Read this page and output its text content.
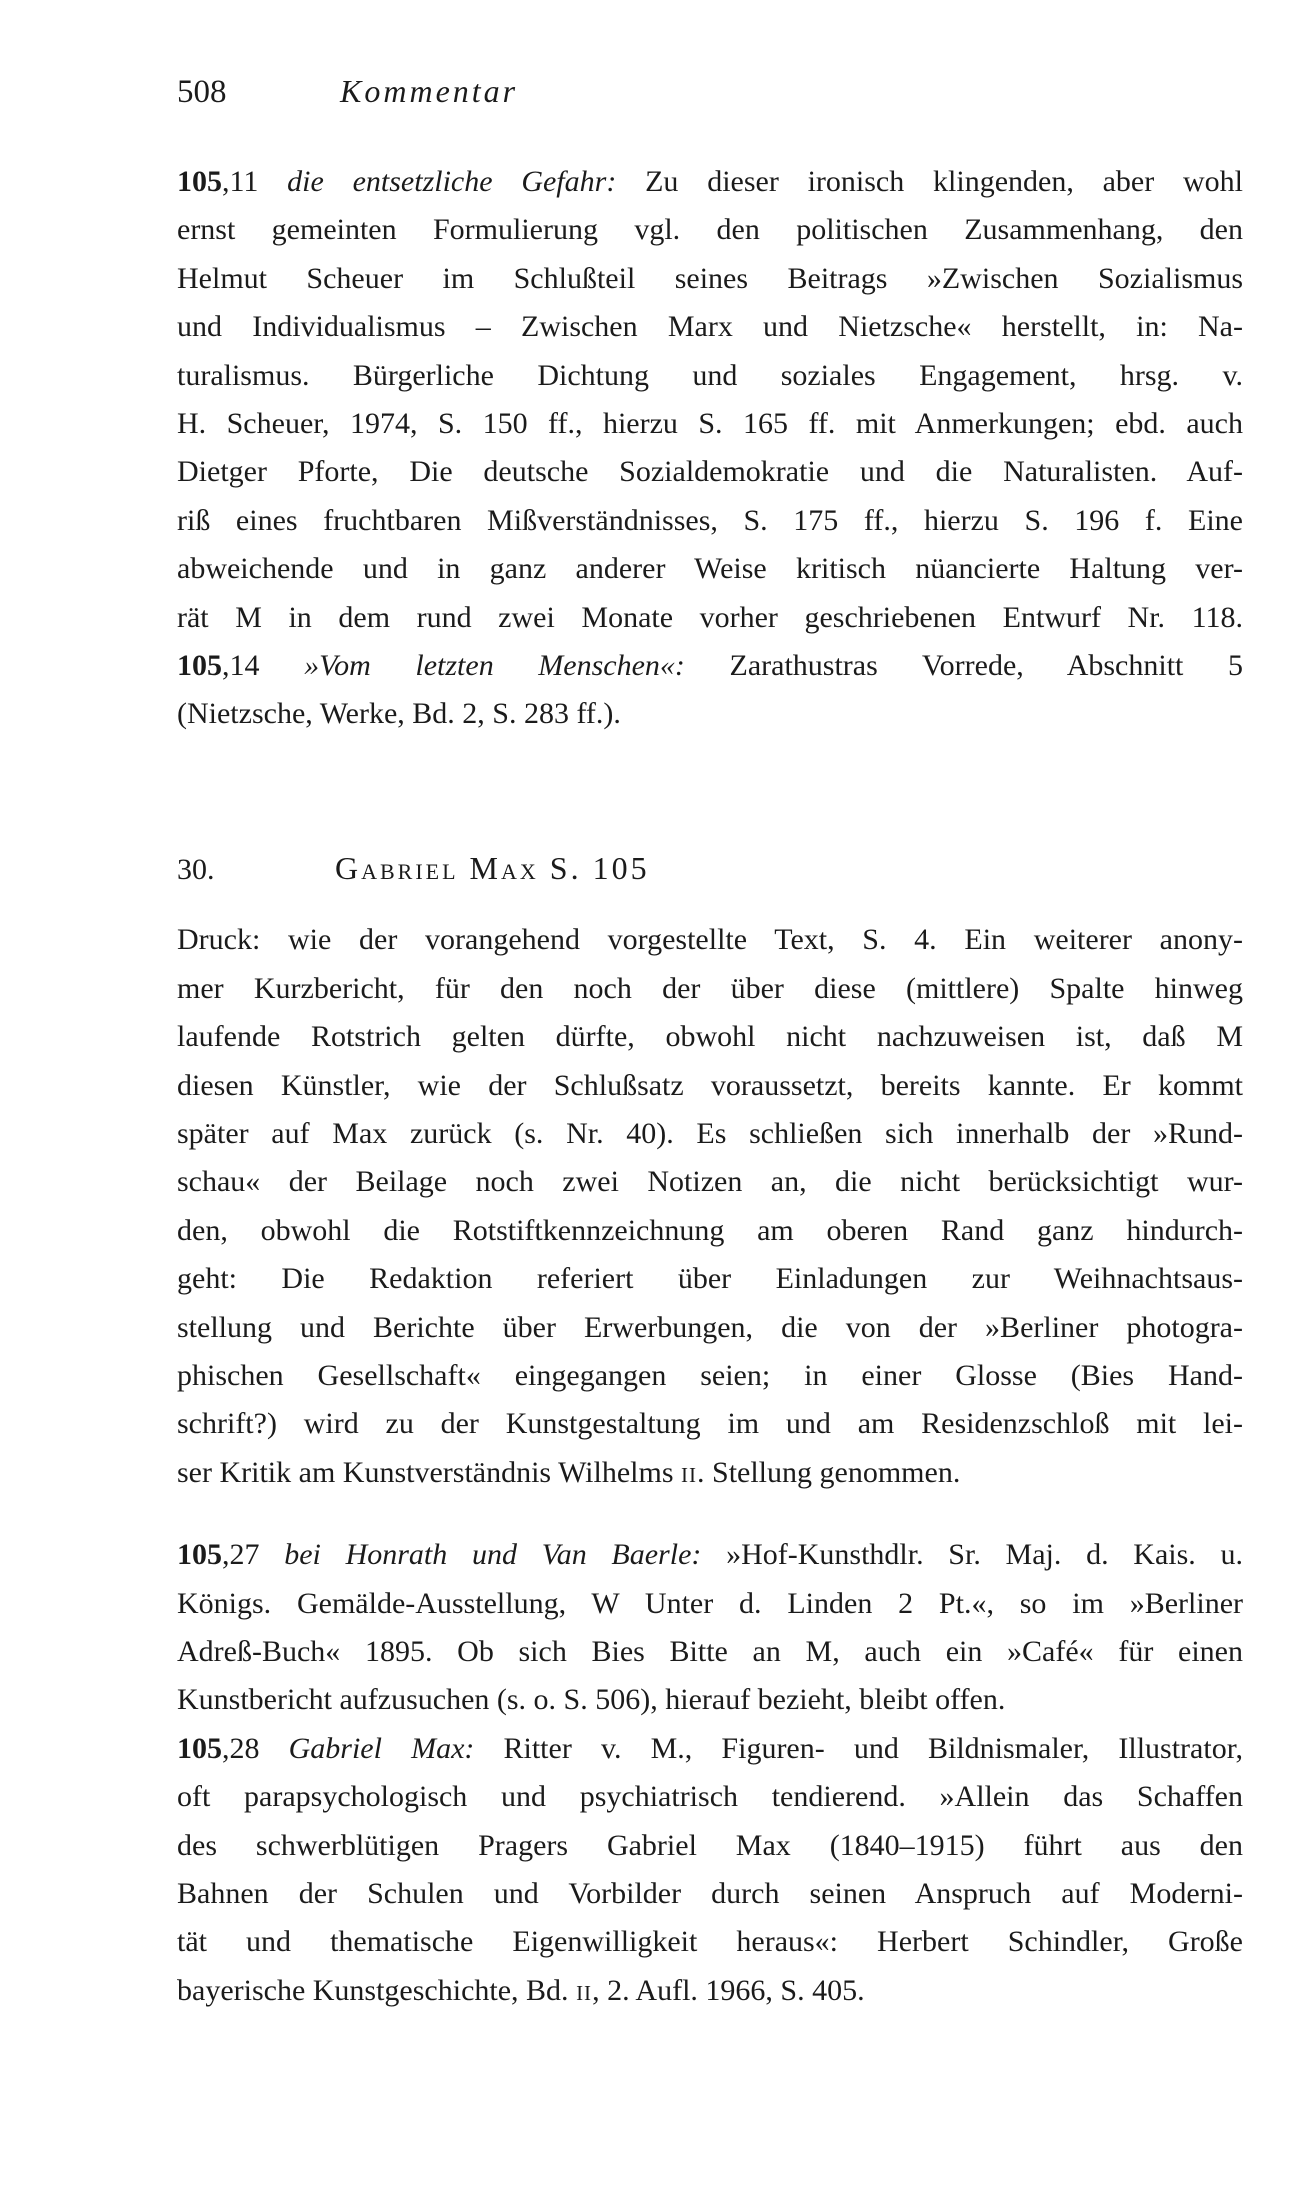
508	Kommentar
105,11 die entsetzliche Gefahr: Zu dieser ironisch klingenden, aber wohl
ernst gemeinten Formulierung vgl. den politischen Zusammenhang, den
Helmut Scheuer im Schlußteil seines Beitrags »Zwischen Sozialismus
und Individualismus – Zwischen Marx und Nietzsche« herstellt, in: Na-
turalismus. Bürgerliche Dichtung und soziales Engagement, hrsg. v.
H. Scheuer, 1974, S. 150 ff., hierzu S. 165 ff. mit Anmerkungen; ebd. auch
Dietger Pforte, Die deutsche Sozialdemokratie und die Naturalisten. Auf-
riß eines fruchtbaren Mißverständnisses, S. 175 ff., hierzu S. 196 f. Eine
abweichende und in ganz anderer Weise kritisch nüancierte Haltung ver-
rät M in dem rund zwei Monate vorher geschriebenen Entwurf Nr. 118.
105,14 »Vom letzten Menschen«: Zarathustras Vorrede, Abschnitt 5
(Nietzsche, Werke, Bd. 2, S. 283 ff.).
30.	Gabriel Max S. 105
Druck: wie der vorangehend vorgestellte Text, S. 4. Ein weiterer anony-
mer Kurzbericht, für den noch der über diese (mittlere) Spalte hinweg
laufende Rotstrich gelten dürfte, obwohl nicht nachzuweisen ist, daß M
diesen Künstler, wie der Schlußsatz voraussetzt, bereits kannte. Er kommt
später auf Max zurück (s. Nr. 40). Es schließen sich innerhalb der »Rund-
schau« der Beilage noch zwei Notizen an, die nicht berücksichtigt wur-
den, obwohl die Rotstiftkennzeichnung am oberen Rand ganz hindurch-
geht: Die Redaktion referiert über Einladungen zur Weihnachtsaus-
stellung und Berichte über Erwerbungen, die von der »Berliner photogra-
phischen Gesellschaft« eingegangen seien; in einer Glosse (Bies Hand-
schrift?) wird zu der Kunstgestaltung im und am Residenzschloß mit lei-
ser Kritik am Kunstverständnis Wilhelms ii. Stellung genommen.
105,27 bei Honrath und Van Baerle: »Hof-Kunsthdlr. Sr. Maj. d. Kais. u.
Königs. Gemälde-Ausstellung, W Unter d. Linden 2 Pt.«, so im »Berliner
Adreß-Buch« 1895. Ob sich Bies Bitte an M, auch ein »Café« für einen
Kunstbericht aufzusuchen (s. o. S. 506), hierauf bezieht, bleibt offen.
105,28 Gabriel Max: Ritter v. M., Figuren- und Bildnismaler, Illustrator,
oft parapsychologisch und psychiatrisch tendierend. »Allein das Schaffen
des schwerblütigen Pragers Gabriel Max (1840–1915) führt aus den
Bahnen der Schulen und Vorbilder durch seinen Anspruch auf Moderni-
tät und thematische Eigenwilligkeit heraus«: Herbert Schindler, Große
bayerische Kunstgeschichte, Bd. ii, 2. Aufl. 1966, S. 405.
